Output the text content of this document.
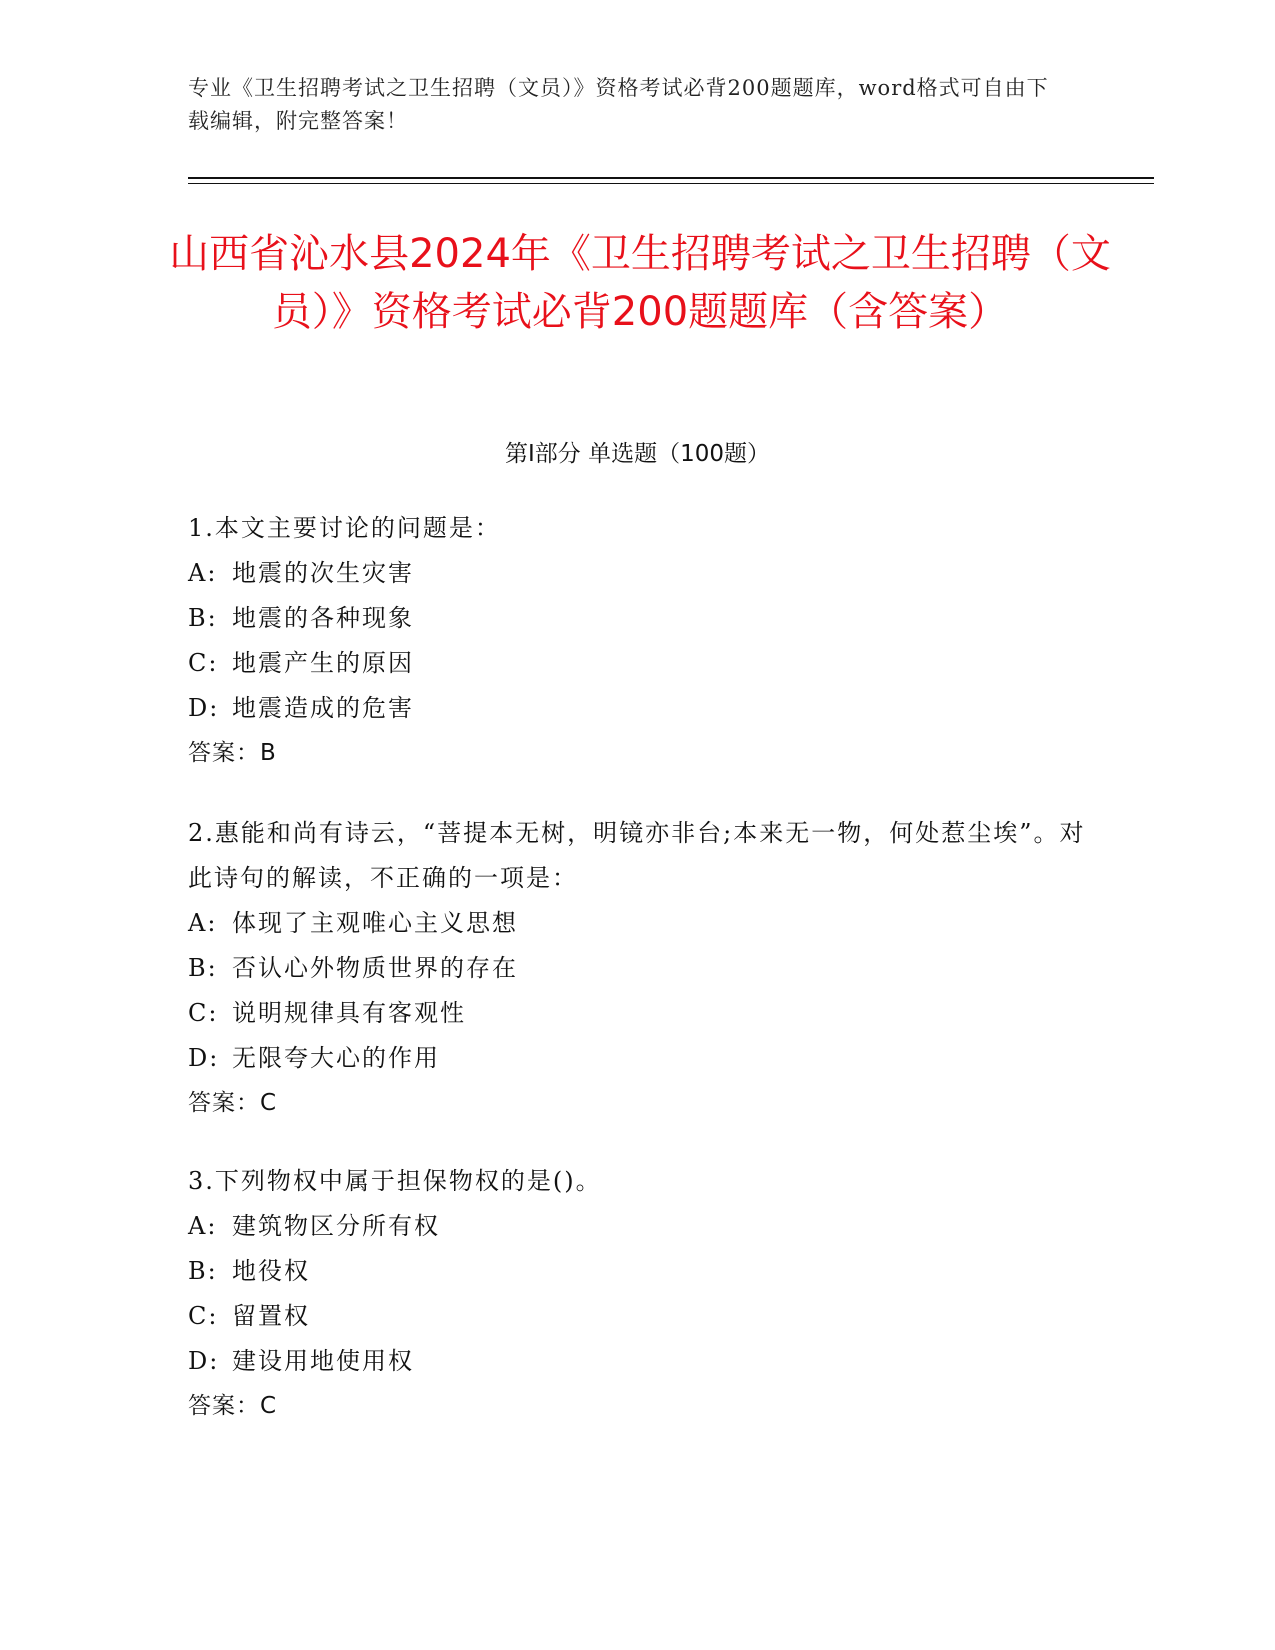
专业《卫生招聘考试之卫生招聘（文员）》资格考试必背200题题库，word格式可自由下载编辑，附完整答案！
山西省沁水县2024年《卫生招聘考试之卫生招聘（文员）》资格考试必背200题题库（含答案）
第Ⅰ部分 单选题（100题）
1.本文主要讨论的问题是：
A: 地震的次生灾害
B: 地震的各种现象
C: 地震产生的原因
D: 地震造成的危害
答案：B
2.惠能和尚有诗云，“菩提本无树，明镜亦非台;本来无一物，何处惹尘埃”。对此诗句的解读，不正确的一项是：
A: 体现了主观唯心主义思想
B: 否认心外物质世界的存在
C: 说明规律具有客观性
D: 无限夸大心的作用
答案：C
3.下列物权中属于担保物权的是()。
A: 建筑物区分所有权
B: 地役权
C: 留置权
D: 建设用地使用权
答案：C
